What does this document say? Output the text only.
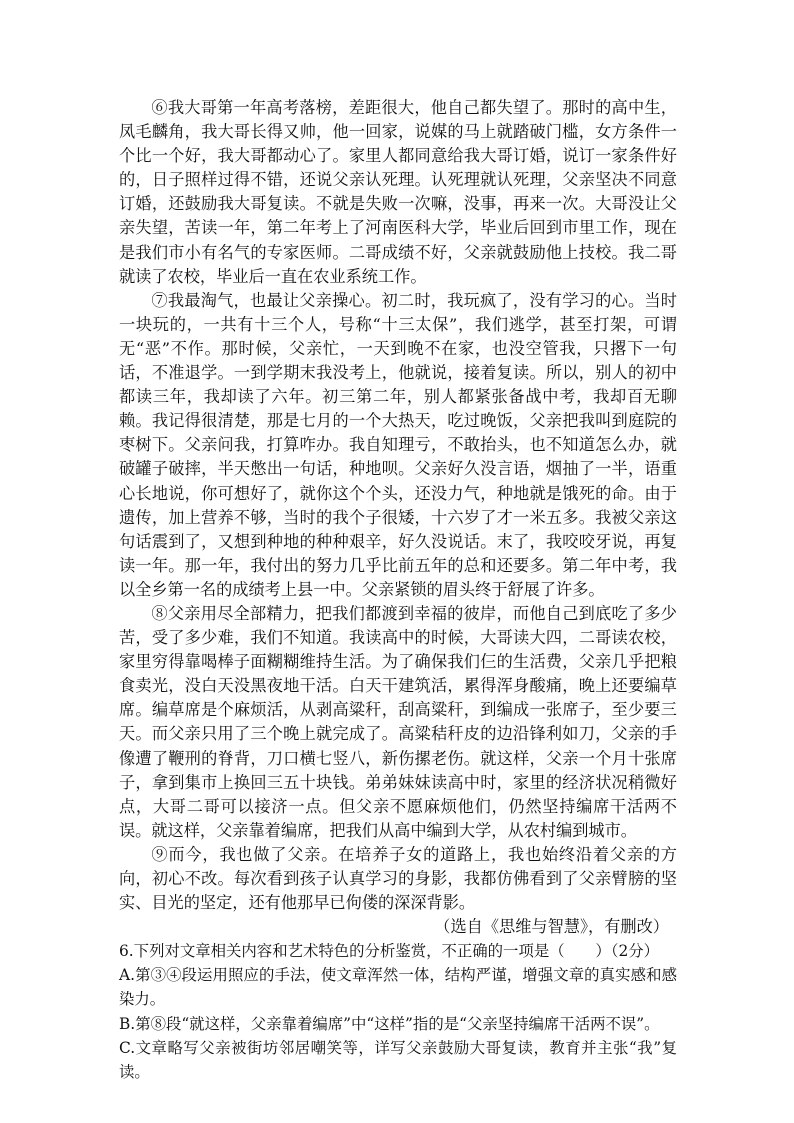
⑥我大哥第一年高考落榜，差距很大，他自己都失望了。那时的高中生，凤毛麟角，我大哥长得又帅，他一回家，说媒的马上就踏破门槛，女方条件一个比一个好，我大哥都动心了。家里人都同意给我大哥订婚，说订一家条件好的，日子照样过得不错，还说父亲认死理。认死理就认死理，父亲坚决不同意订婚，还鼓励我大哥复读。不就是失败一次嘛，没事，再来一次。大哥没让父亲失望，苦读一年，第二年考上了河南医科大学，毕业后回到市里工作，现在是我们市小有名气的专家医师。二哥成绩不好，父亲就鼓励他上技校。我二哥就读了农校，毕业后一直在农业系统工作。

⑦我最淘气，也最让父亲操心。初二时，我玩疯了，没有学习的心。当时一块玩的，一共有十三个人，号称“十三太保”，我们逃学，甚至打架，可谓无“恶”不作。那时候，父亲忙，一天到晚不在家，也没空管我，只撂下一句话，不准退学。一到学期末我没考上，他就说，接着复读。所以，别人的初中都读三年，我却读了六年。初三第二年，别人都紧张备战中考，我却百无聊赖。我记得很清楚，那是七月的一个大热天，吃过晚饭，父亲把我叫到庭院的枣树下。父亲问我，打算咋办。我自知理亏，不敢抬头，也不知道怎么办，就破罐子破摔，半天憋出一句话，种地呗。父亲好久没言语，烟抽了一半，语重心长地说，你可想好了，就你这个个头，还没力气，种地就是饿死的命。由于遗传，加上营养不够，当时的我个子很矮，十六岁了才一米五多。我被父亲这句话震到了，又想到种地的种种艰辛，好久没说话。末了，我咬咬牙说，再复读一年。那一年，我付出的努力几乎比前五年的总和还要多。第二年中考，我以全乡第一名的成绩考上县一中。父亲紧锁的眉头终于舒展了许多。

⑧父亲用尽全部精力，把我们都渡到幸福的彼岸，而他自己到底吃了多少苦，受了多少难，我们不知道。我读高中的时候，大哥读大四，二哥读农校，家里穷得靠喝棒子面糊糊维持生活。为了确保我们仨的生活费，父亲几乎把粮食卖光，没白天没黑夜地干活。白天干建筑活，累得浑身酸痛，晚上还要编草席。编草席是个麻烦活，从剥高粱秆，刮高粱秆，到编成一张席子，至少要三天。而父亲只用了三个晚上就完成了。高粱秸秆皮的边沿锋利如刀，父亲的手像遭了鞭刑的脊背，刀口横七竖八，新伤摞老伤。就这样，父亲一个月十张席子，拿到集市上换回三五十块钱。弟弟妹妹读高中时，家里的经济状况稍微好点，大哥二哥可以接济一点。但父亲不愿麻烦他们，仍然坚持编席干活两不误。就这样，父亲靠着编席，把我们从高中编到大学，从农村编到城市。

⑨而今，我也做了父亲。在培养子女的道路上，我也始终沿着父亲的方向，初心不改。每次看到孩子认真学习的身影，我都仿佛看到了父亲臂膀的坚实、目光的坚定，还有他那早已佝偻的深深背影。

（选自《思维与智慧》，有删改）

6.下列对文章相关内容和艺术特色的分析鉴赏，不正确的一项是（　　）（2分）

A.第③④段运用照应的手法，使文章浑然一体，结构严谨，增强文章的真实感和感染力。

B.第⑧段“就这样，父亲靠着编席”中“这样”指的是“父亲坚持编席干活两不误”。

C.文章略写父亲被街坊邻居嘲笑等，详写父亲鼓励大哥复读，教育并主张“我”复读。
